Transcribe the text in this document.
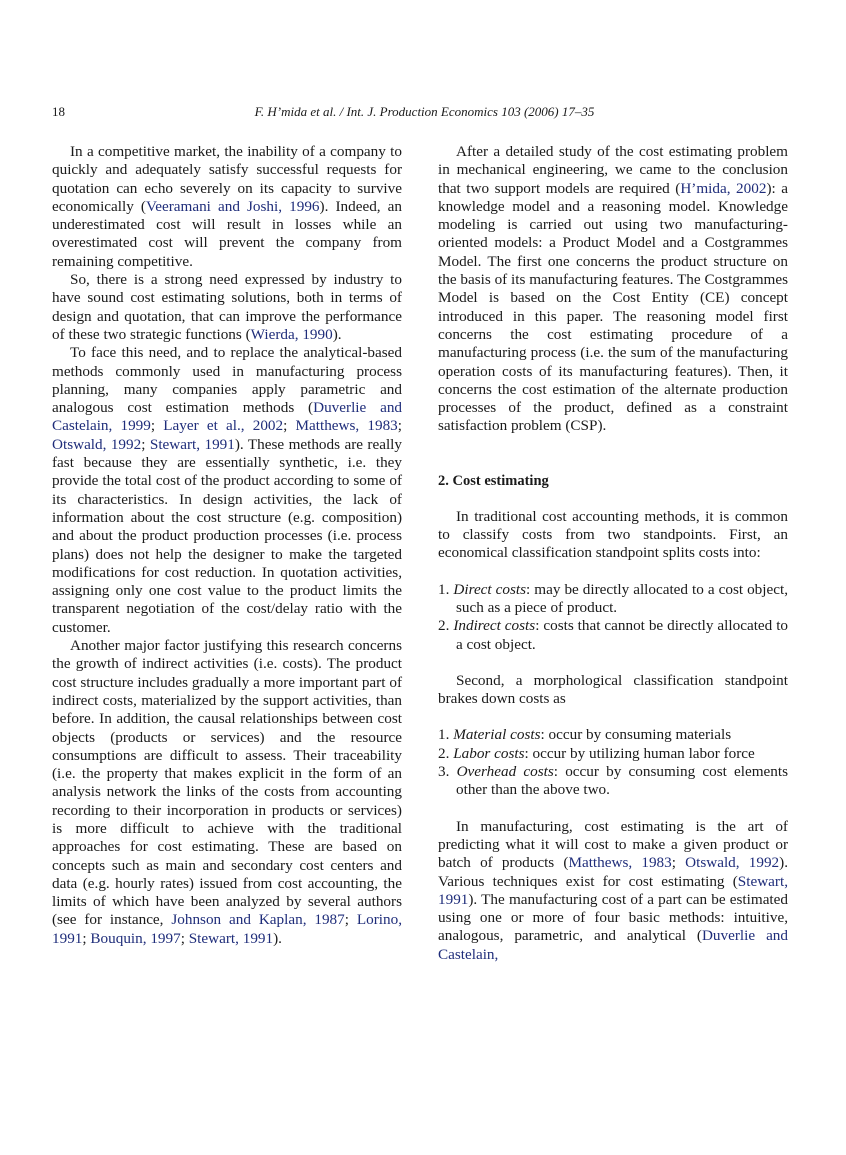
18	F. H’mida et al. / Int. J. Production Economics 103 (2006) 17–35

In a competitive market, the inability of a company to quickly and adequately satisfy successful requests for quotation can echo severely on its capacity to survive economically (Veeramani and Joshi, 1996). Indeed, an underestimated cost will result in losses while an overestimated cost will prevent the company from remaining competitive.

So, there is a strong need expressed by industry to have sound cost estimating solutions, both in terms of design and quotation, that can improve the performance of these two strategic functions (Wierda, 1990).

To face this need, and to replace the analytical-based methods commonly used in manufacturing process planning, many companies apply parametric and analogous cost estimation methods (Duverlie and Castelain, 1999; Layer et al., 2002; Matthews, 1983; Otswald, 1992; Stewart, 1991). These methods are really fast because they are essentially synthetic, i.e. they provide the total cost of the product according to some of its characteristics. In design activities, the lack of information about the cost structure (e.g. composition) and about the product production processes (i.e. process plans) does not help the designer to make the targeted modifications for cost reduction. In quotation activities, assigning only one cost value to the product limits the transparent negotiation of the cost/delay ratio with the customer.

Another major factor justifying this research concerns the growth of indirect activities (i.e. costs). The product cost structure includes gradually a more important part of indirect costs, materialized by the support activities, than before. In addition, the causal relationships between cost objects (products or services) and the resource consumptions are difficult to assess. Their traceability (i.e. the property that makes explicit in the form of an analysis network the links of the costs from accounting recording to their incorporation in products or services) is more difficult to achieve with the traditional approaches for cost estimating. These are based on concepts such as main and secondary cost centers and data (e.g. hourly rates) issued from cost accounting, the limits of which have been analyzed by several authors (see for instance, Johnson and Kaplan, 1987; Lorino, 1991; Bouquin, 1997; Stewart, 1991).

After a detailed study of the cost estimating problem in mechanical engineering, we came to the conclusion that two support models are required (H’mida, 2002): a knowledge model and a reasoning model. Knowledge modeling is carried out using two manufacturing-oriented models: a Product Model and a Costgrammes Model. The first one concerns the product structure on the basis of its manufacturing features. The Costgrammes Model is based on the Cost Entity (CE) concept introduced in this paper. The reasoning model first concerns the cost estimating procedure of a manufacturing process (i.e. the sum of the manufacturing operation costs of its manufacturing features). Then, it concerns the cost estimation of the alternate production processes of the product, defined as a constraint satisfaction problem (CSP).

2. Cost estimating

In traditional cost accounting methods, it is common to classify costs from two standpoints. First, an economical classification standpoint splits costs into:

1. Direct costs: may be directly allocated to a cost object, such as a piece of product.
2. Indirect costs: costs that cannot be directly allocated to a cost object.

Second, a morphological classification standpoint brakes down costs as

1. Material costs: occur by consuming materials
2. Labor costs: occur by utilizing human labor force
3. Overhead costs: occur by consuming cost elements other than the above two.

In manufacturing, cost estimating is the art of predicting what it will cost to make a given product or batch of products (Matthews, 1983; Otswald, 1992). Various techniques exist for cost estimating (Stewart, 1991). The manufacturing cost of a part can be estimated using one or more of four basic methods: intuitive, analogous, parametric, and analytical (Duverlie and Castelain,
